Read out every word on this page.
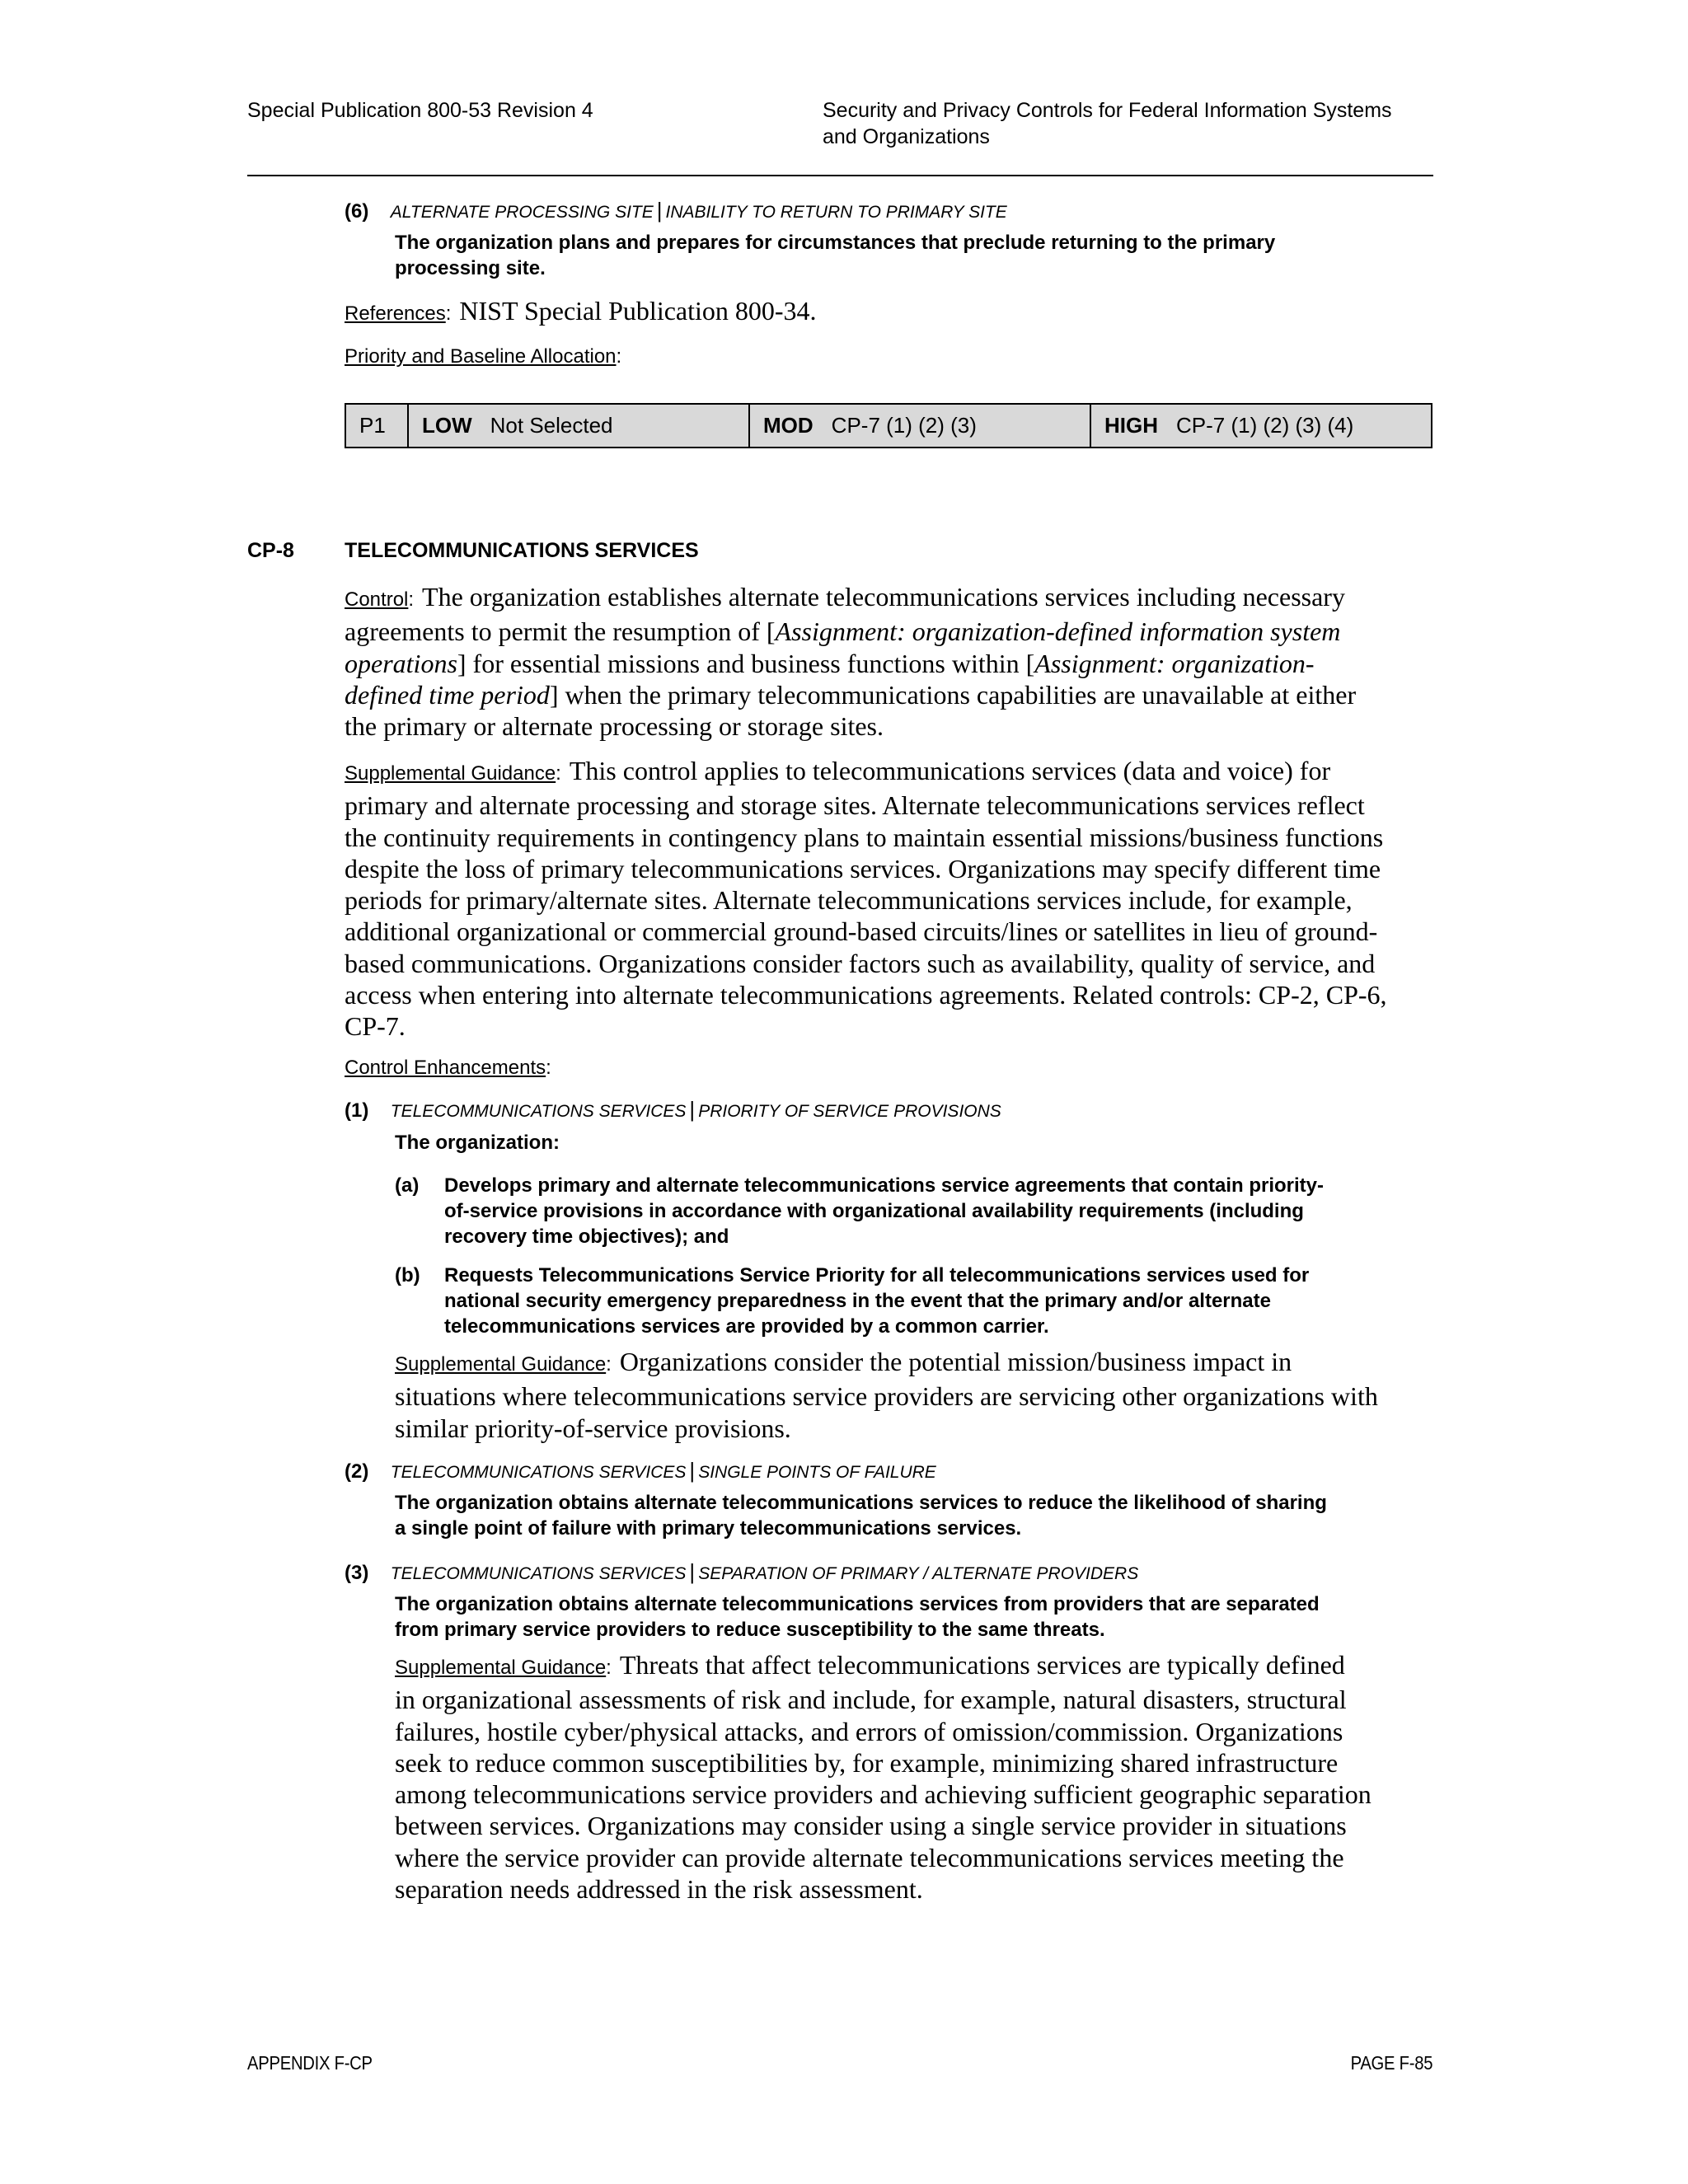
Special Publication 800-53 Revision 4	Security and Privacy Controls for Federal Information Systems
and Organizations
(6) ALTERNATE PROCESSING SITE | INABILITY TO RETURN TO PRIMARY SITE
The organization plans and prepares for circumstances that preclude returning to the primary
processing site.
References: NIST Special Publication 800-34.
Priority and Baseline Allocation:
P1	LOW Not Selected	MOD CP-7 (1) (2) (3)	HIGH CP-7 (1) (2) (3) (4)
CP-8 TELECOMMUNICATIONS SERVICES
Control: The organization establishes alternate telecommunications services including necessary
agreements to permit the resumption of [Assignment: organization-defined information system
operations] for essential missions and business functions within [Assignment: organization-
defined time period] when the primary telecommunications capabilities are unavailable at either
the primary or alternate processing or storage sites.
Supplemental Guidance: This control applies to telecommunications services (data and voice) for
primary and alternate processing and storage sites. Alternate telecommunications services reflect
the continuity requirements in contingency plans to maintain essential missions/business functions
despite the loss of primary telecommunications services. Organizations may specify different time
periods for primary/alternate sites. Alternate telecommunications services include, for example,
additional organizational or commercial ground-based circuits/lines or satellites in lieu of ground-
based communications. Organizations consider factors such as availability, quality of service, and
access when entering into alternate telecommunications agreements. Related controls: CP-2, CP-6,
CP-7.
Control Enhancements:
(1) TELECOMMUNICATIONS SERVICES | PRIORITY OF SERVICE PROVISIONS
The organization:
(a) Develops primary and alternate telecommunications service agreements that contain priority-
of-service provisions in accordance with organizational availability requirements (including
recovery time objectives); and
(b) Requests Telecommunications Service Priority for all telecommunications services used for
national security emergency preparedness in the event that the primary and/or alternate
telecommunications services are provided by a common carrier.
Supplemental Guidance: Organizations consider the potential mission/business impact in
situations where telecommunications service providers are servicing other organizations with
similar priority-of-service provisions.
(2) TELECOMMUNICATIONS SERVICES | SINGLE POINTS OF FAILURE
The organization obtains alternate telecommunications services to reduce the likelihood of sharing
a single point of failure with primary telecommunications services.
(3) TELECOMMUNICATIONS SERVICES | SEPARATION OF PRIMARY / ALTERNATE PROVIDERS
The organization obtains alternate telecommunications services from providers that are separated
from primary service providers to reduce susceptibility to the same threats.
Supplemental Guidance: Threats that affect telecommunications services are typically defined
in organizational assessments of risk and include, for example, natural disasters, structural
failures, hostile cyber/physical attacks, and errors of omission/commission. Organizations
seek to reduce common susceptibilities by, for example, minimizing shared infrastructure
among telecommunications service providers and achieving sufficient geographic separation
between services. Organizations may consider using a single service provider in situations
where the service provider can provide alternate telecommunications services meeting the
separation needs addressed in the risk assessment.
APPENDIX F-CP	PAGE F-85
